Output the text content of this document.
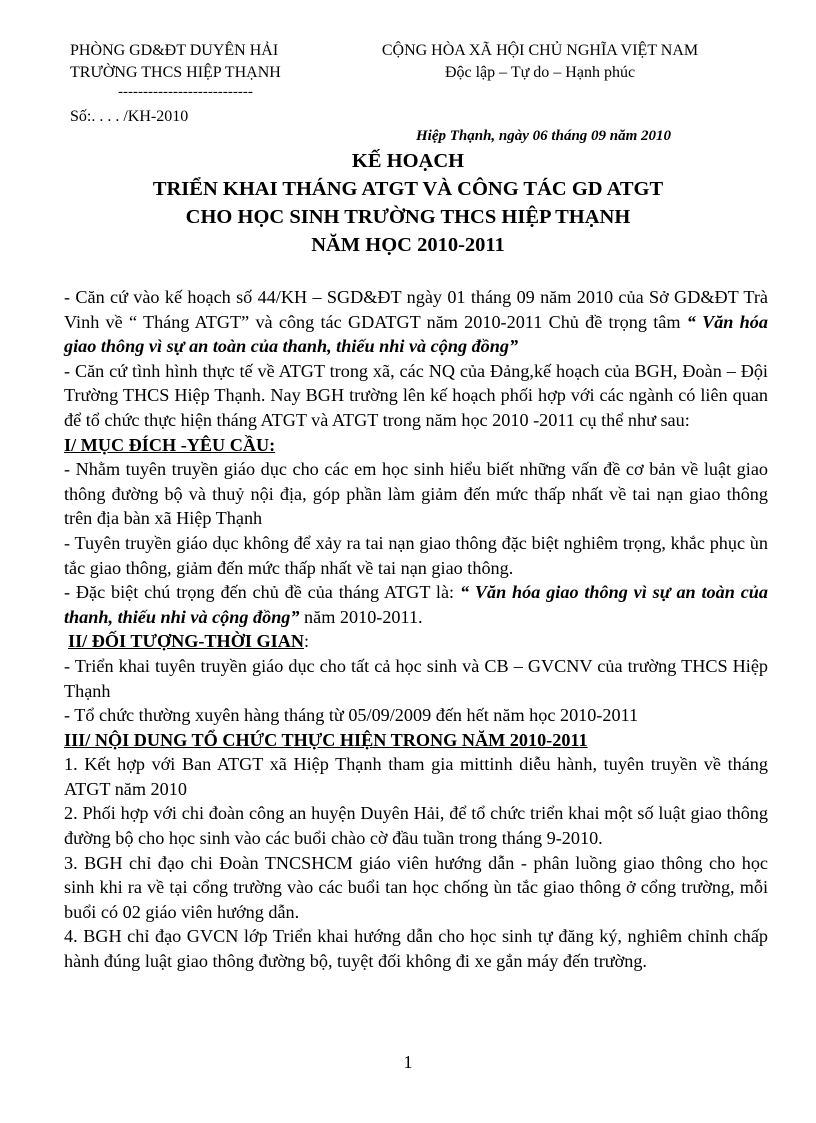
PHÒNG GD&ĐT DUYÊN HẢI
TRƯỜNG THCS HIỆP THẠNH
---------------------------
Số:. . . . /KH-2010
CỘNG HÒA XÃ HỘI CHỦ NGHĨA VIỆT NAM
Độc lập – Tự do – Hạnh phúc
Hiệp Thạnh, ngày 06 tháng 09 năm 2010
KẾ HOẠCH
TRIỂN KHAI THÁNG ATGT VÀ CÔNG TÁC GD ATGT
CHO HỌC SINH TRƯỜNG THCS HIỆP THẠNH
NĂM HỌC 2010-2011

- Căn cứ vào kế hoạch số 44/KH – SGD&ĐT ngày 01 tháng 09 năm 2010 của Sở GD&ĐT Trà Vinh về “ Tháng ATGT” và công tác GDATGT năm 2010-2011 Chủ đề trọng tâm “ Văn hóa giao thông vì sự an toàn của thanh, thiếu nhi và cộng đồng”

- Căn cứ tình hình thực tế về ATGT trong xã, các NQ của Đảng,kế hoạch của BGH, Đoàn – Đội Trường THCS Hiệp Thạnh. Nay BGH trường lên kế hoạch phối hợp với các ngành có liên quan để tổ chức thực hiện tháng ATGT và ATGT trong năm học 2010 -2011 cụ thể như sau:

I/ MỤC ĐÍCH -YÊU CẦU:

- Nhằm tuyên truyền giáo dục cho các em học sinh hiểu biết những vấn đề cơ bản về luật giao thông đường bộ và thuỷ nội địa, góp phần làm giảm đến mức thấp nhất về tai nạn giao thông trên địa bàn xã Hiệp Thạnh

- Tuyên truyền giáo dục không để xảy ra tai nạn giao thông đặc biệt nghiêm trọng, khắc phục ùn tắc giao thông, giảm đến mức thấp nhất về tai nạn giao thông.

- Đặc biệt chú trọng đến chủ đề của tháng ATGT là: “ Văn hóa giao thông vì sự an toàn của thanh, thiếu nhi và cộng đồng” năm 2010-2011.

II/ ĐỐI TƯỢNG-THỜI GIAN:

- Triển khai tuyên truyền giáo dục cho tất cả học sinh và CB – GVCNV của trường THCS Hiệp Thạnh

- Tổ chức thường xuyên hàng tháng từ 05/09/2009 đến hết năm học 2010-2011

III/ NỘI DUNG TỔ CHỨC THỰC HIỆN TRONG NĂM 2010-2011

1. Kết hợp với Ban ATGT xã Hiệp Thạnh tham gia mittinh diễu hành, tuyên truyền về tháng ATGT năm 2010

2. Phối hợp với chi đoàn công an huyện Duyên Hải, để tổ chức triển khai một số luật giao thông đường bộ cho học sinh vào các buổi chào cờ đầu tuần trong tháng 9-2010.

3. BGH chỉ đạo chi Đoàn TNCSHCM giáo viên hướng dẫn - phân luồng giao thông cho học sinh khi ra về tại cổng trường vào các buổi tan học chống ùn tắc giao thông ở cổng trường, mỗi buổi có 02 giáo viên hướng dẫn.

4. BGH chỉ đạo GVCN lớp Triển khai hướng dẫn cho học sinh tự đăng ký, nghiêm chỉnh chấp hành đúng luật giao thông đường bộ, tuyệt đối không đi xe gắn máy đến trường.

1
